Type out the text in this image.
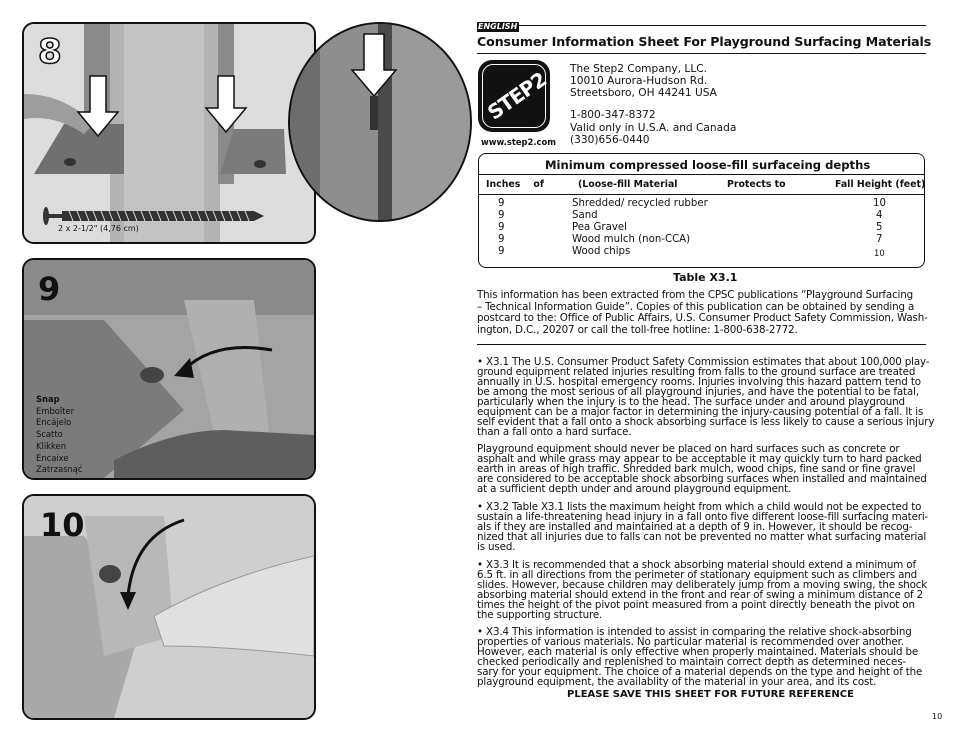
8
2 x 2-1/2" (4,76 cm)
9
Snap
Emboîter
Encájelo
Scatto
Klikken
Encaixe
Zatrzasnąć
10
ENGLISH
Consumer Information Sheet For Playground Surfacing Materials
STEP2
www.step2.com
The Step2 Company, LLC.
10010 Aurora-Hudson Rd.
Streetsboro, OH 44241 USA
1-800-347-8372
Valid only in U.S.A. and Canada
(330)656-0440
Minimum compressed loose-fill surfaceing depths
Inches    of	(Loose-fill Material	Protects to	Fall Height (feet)
9	Shredded/ recycled rubber	10
9	Sand	4
9	Pea Gravel	5
9	Wood mulch (non-CCA)	7
9	Wood chips	10
Table X3.1
This information has been extracted from the CPSC publications “Playground Surfacing
– Technical Information Guide”. Copies of this publication can be obtained by sending a
postcard to the: Office of Public Affairs, U.S. Consumer Product Safety Commission, Wash-
ington, D.C., 20207 or call the toll-free hotline: 1-800-638-2772.
• X3.1 The U.S. Consumer Product Safety Commission estimates that about 100,000 play-
ground equipment related injuries resulting from falls to the ground surface are treated
annually in U.S. hospital emergency rooms. Injuries involving this hazard pattern tend to
be among the most serious of all playground injuries, and have the potential to be fatal,
particularly when the injury is to the head. The surface under and around playground
equipment can be a major factor in determining the injury-causing potential of a fall. It is
self evident that a fall onto a shock absorbing surface is less likely to cause a serious injury
than a fall onto a hard surface.
Playground equipment should never be placed on hard surfaces such as concrete or
asphalt and while grass may appear to be acceptable it may quickly turn to hard packed
earth in areas of high traffic. Shredded bark mulch, wood chips, fine sand or fine gravel
are considered to be acceptable shock absorbing surfaces when installed and maintained
at a sufficient depth under and around playground equipment.
• X3.2 Table X3.1 lists the maximum height from which a child would not be expected to
sustain a life-threatening head injury in a fall onto five different loose-fill surfacing materi-
als if they are installed and maintained at a depth of 9 in. However, it should be recog-
nized that all injuries due to falls can not be prevented no matter what surfacing material
is used.
• X3.3 It is recommended that a shock absorbing material should extend a minimum of
6.5 ft. in all directions from the perimeter of stationary equipment such as climbers and
slides. However, because children may deliberately jump from a moving swing, the shock
absorbing material should extend in the front and rear of swing a minimum distance of 2
times the height of the pivot point measured from a point directly beneath the pivot on
the supporting structure.
• X3.4 This information is intended to assist in comparing the relative shock-absorbing
properties of various materials. No particular material is recommended over another.
However, each material is only effective when properly maintained. Materials should be
checked periodically and replenished to maintain correct depth as determined neces-
sary for your equipment. The choice of a material depends on the type and height of the
playground equipment, the availablity of the material in your area, and its cost.
PLEASE SAVE THIS SHEET FOR FUTURE REFERENCE
10
